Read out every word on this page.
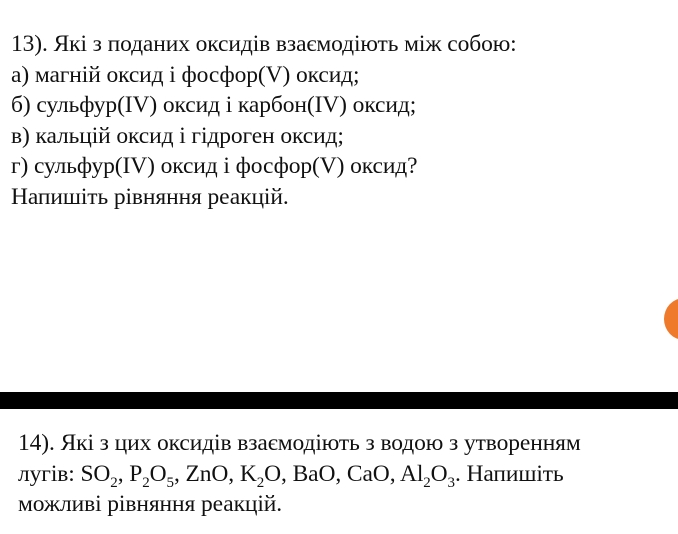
13). Які з поданих оксидів взаємодіють між собою:
а) магній оксид і фосфор(V) оксид;
б) сульфур(IV) оксид і карбон(IV) оксид;
в) кальцій оксид і гідроген оксид;
г) сульфур(IV) оксид і фосфор(V) оксид?
Напишіть рівняння реакцій.
14). Які з цих оксидів взаємодіють з водою з утворенням
лугів: $SO_2$, $P_2O_5$, ZnO, $K_2O$, BaO, CaO, $Al_2O_3$. Напишіть
можливі рівняння реакцій.
